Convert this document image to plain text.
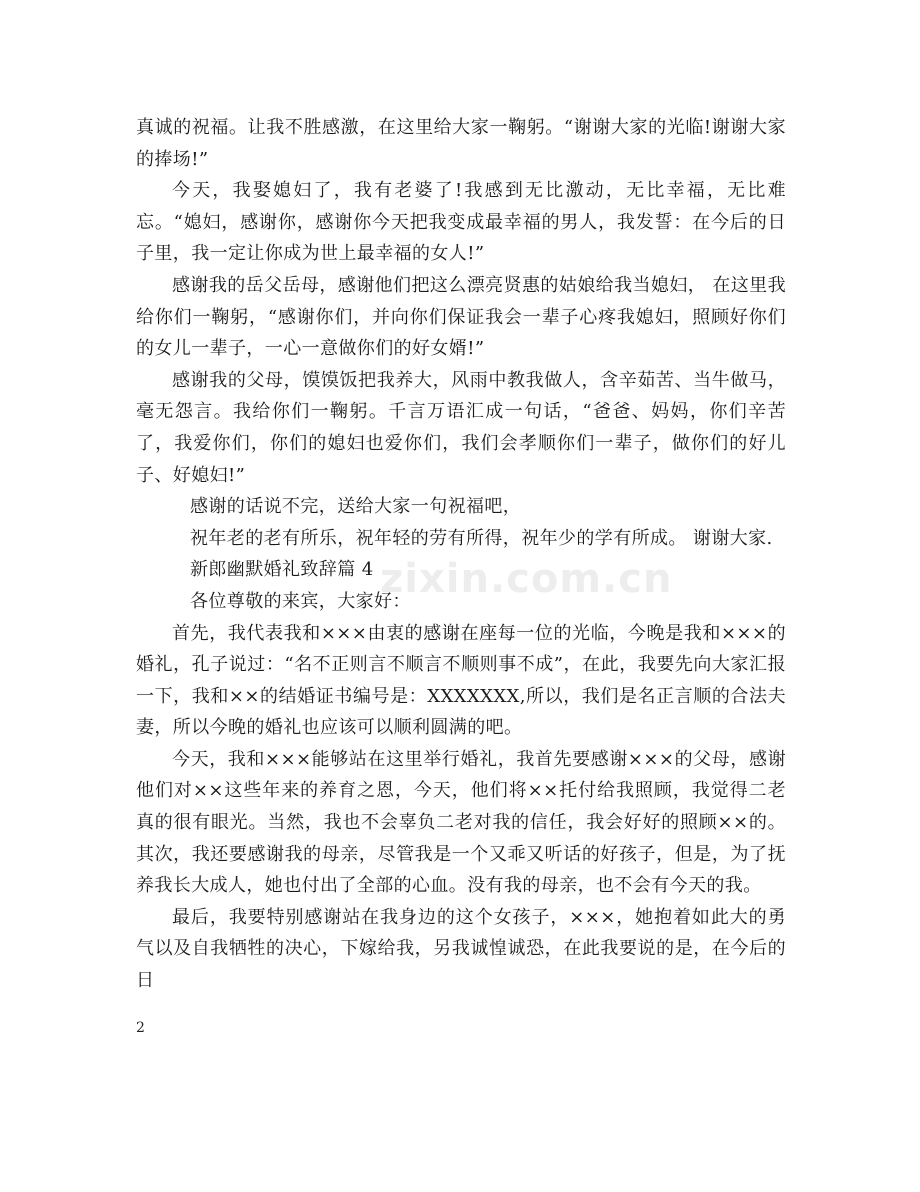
真诚的祝福。让我不胜感激，在这里给大家一鞠躬。“谢谢大家的光临!谢谢大家的捧场!”

今天，我娶媳妇了，我有老婆了!我感到无比激动，无比幸福，无比难忘。“媳妇，感谢你，感谢你今天把我变成最幸福的男人，我发誓：在今后的日子里，我一定让你成为世上最幸福的女人!”

感谢我的岳父岳母，感谢他们把这么漂亮贤惠的姑娘给我当媳妇， 在这里我给你们一鞠躬，“感谢你们，并向你们保证我会一辈子心疼我媳妇，照顾好你们的女儿一辈子，一心一意做你们的好女婿!”

感谢我的父母，馍馍饭把我养大，风雨中教我做人，含辛茹苦、当牛做马，毫无怨言。我给你们一鞠躬。千言万语汇成一句话，“爸爸、妈妈，你们辛苦了，我爱你们，你们的媳妇也爱你们，我们会孝顺你们一辈子，做你们的好儿子、好媳妇!”

感谢的话说不完，送给大家一句祝福吧，

祝年老的老有所乐，祝年轻的劳有所得，祝年少的学有所成。 谢谢大家.

新郎幽默婚礼致辞篇 4

各位尊敬的来宾，大家好：

首先，我代表我和×××由衷的感谢在座每一位的光临，今晚是我和×××的婚礼，孔子说过：“名不正则言不顺言不顺则事不成”，在此，我要先向大家汇报一下，我和××的结婚证书编号是：XXXXXXX,所以，我们是名正言顺的合法夫妻，所以今晚的婚礼也应该可以顺利圆满的吧。

今天，我和×××能够站在这里举行婚礼，我首先要感谢×××的父母，感谢他们对××这些年来的养育之恩，今天，他们将××托付给我照顾，我觉得二老真的很有眼光。当然，我也不会辜负二老对我的信任，我会好好的照顾××的。其次，我还要感谢我的母亲，尽管我是一个又乖又听话的好孩子，但是，为了抚养我长大成人，她也付出了全部的心血。没有我的母亲，也不会有今天的我。

最后，我要特别感谢站在我身边的这个女孩子，×××，她抱着如此大的勇气以及自我牺牲的决心，下嫁给我，另我诚惶诚恐，在此我要说的是，在今后的日

zixin.com.cn
2
